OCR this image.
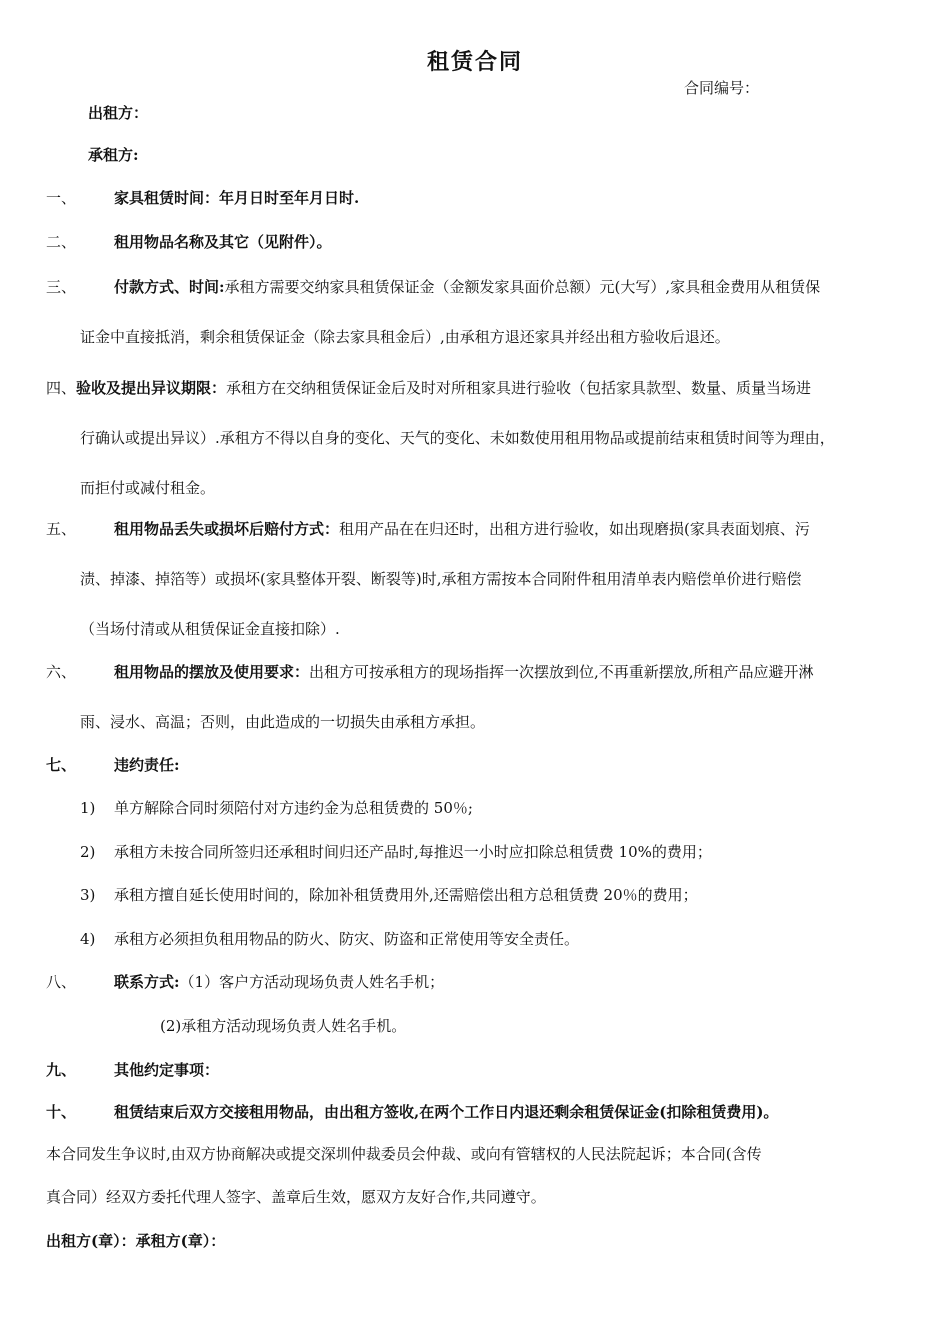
租赁合同
合同编号：
出租方：
承租方:
一、	家具租赁时间：年月日时至年月日时.
二、	租用物品名称及其它（见附件）。
三、	付款方式、时间:承租方需要交纳家具租赁保证金（金额发家具面价总额）元(大写）,家具租金费用从租赁保
证金中直接抵消，剩余租赁保证金（除去家具租金后）,由承租方退还家具并经出租方验收后退还。
四、验收及提出异议期限：承租方在交纳租赁保证金后及时对所租家具进行验收（包括家具款型、数量、质量当场进
行确认或提出异议）.承租方不得以自身的变化、天气的变化、未如数使用租用物品或提前结束租赁时间等为理由，
而拒付或减付租金。
五、	租用物品丢失或损坏后赔付方式：租用产品在在归还时，出租方进行验收，如出现磨损(家具表面划痕、污
渍、掉漆、掉箔等）或损坏(家具整体开裂、断裂等)时,承租方需按本合同附件租用清单表内赔偿单价进行赔偿
（当场付清或从租赁保证金直接扣除）.
六、	租用物品的摆放及使用要求：出租方可按承租方的现场指挥一次摆放到位,不再重新摆放,所租产品应避开淋
雨、浸水、高温；否则，由此造成的一切损失由承租方承担。
七、	违约责任:
1) 单方解除合同时须陪付对方违约金为总租赁费的 50％;
2) 承租方未按合同所签归还承租时间归还产品时,每推迟一小时应扣除总租赁费 10%的费用；
3) 承租方擅自延长使用时间的，除加补租赁费用外,还需赔偿出租方总租赁费 20％的费用；
4) 承租方必须担负租用物品的防火、防灾、防盗和正常使用等安全责任。
八、	联系方式:（1）客户方活动现场负责人姓名手机；
(2)承租方活动现场负责人姓名手机。
九、	其他约定事项：
十、	租赁结束后双方交接租用物品，由出租方签收,在两个工作日内退还剩余租赁保证金(扣除租赁费用)。
本合同发生争议时,由双方协商解决或提交深圳仲裁委员会仲裁、或向有管辖权的人民法院起诉；本合同(含传
真合同）经双方委托代理人签字、盖章后生效，愿双方友好合作,共同遵守。
出租方(章）：承租方(章）：
